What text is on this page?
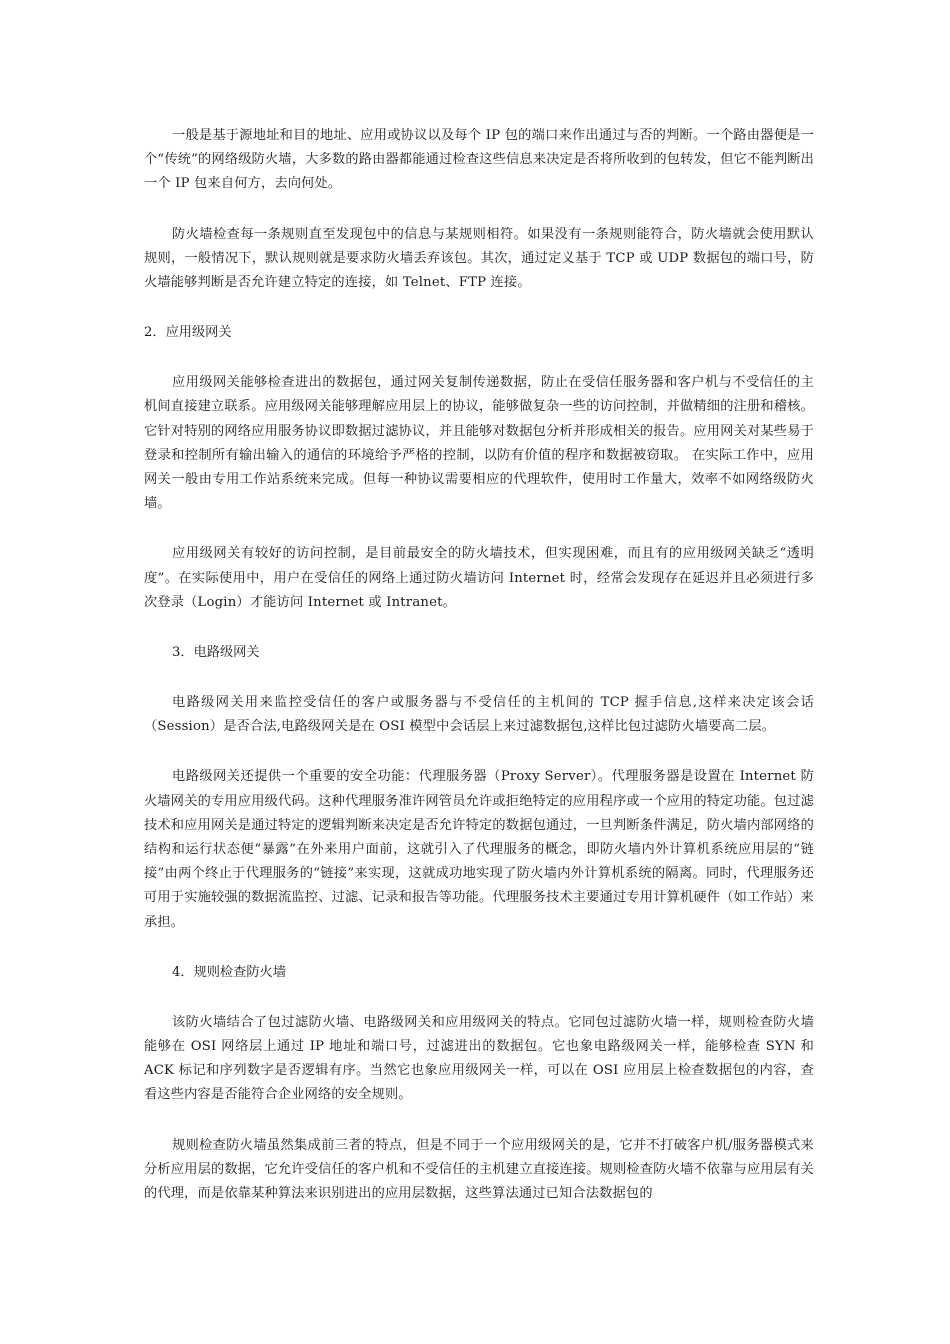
一般是基于源地址和目的地址、应用或协议以及每个 IP 包的端口来作出通过与否的判断。一个路由器便是一个“传统”的网络级防火墙，大多数的路由器都能通过检查这些信息来决定是否将所收到的包转发，但它不能判断出一个 IP 包来自何方，去向何处。

防火墙检查每一条规则直至发现包中的信息与某规则相符。如果没有一条规则能符合，防火墙就会使用默认规则，一般情况下，默认规则就是要求防火墙丢弃该包。其次，通过定义基于 TCP 或 UDP 数据包的端口号，防火墙能够判断是否允许建立特定的连接，如 Telnet、FTP 连接。

2．应用级网关

应用级网关能够检查进出的数据包，通过网关复制传递数据，防止在受信任服务器和客户机与不受信任的主机间直接建立联系。应用级网关能够理解应用层上的协议，能够做复杂一些的访问控制，并做精细的注册和稽核。它针对特别的网络应用服务协议即数据过滤协议，并且能够对数据包分析并形成相关的报告。应用网关对某些易于登录和控制所有输出输入的通信的环境给予严格的控制，以防有价值的程序和数据被窃取。 在实际工作中，应用网关一般由专用工作站系统来完成。但每一种协议需要相应的代理软件，使用时工作量大，效率不如网络级防火墙。

应用级网关有较好的访问控制，是目前最安全的防火墙技术，但实现困难，而且有的应用级网关缺乏“透明度”。在实际使用中，用户在受信任的网络上通过防火墙访问 Internet 时，经常会发现存在延迟并且必须进行多次登录（Login）才能访问 Internet 或 Intranet。

3．电路级网关

电路级网关用来监控受信任的客户或服务器与不受信任的主机间的 TCP 握手信息,这样来决定该会话（Session）是否合法,电路级网关是在 OSI 模型中会话层上来过滤数据包,这样比包过滤防火墙要高二层。

电路级网关还提供一个重要的安全功能：代理服务器（Proxy Server）。代理服务器是设置在 Internet 防火墙网关的专用应用级代码。这种代理服务准许网管员允许或拒绝特定的应用程序或一个应用的特定功能。包过滤技术和应用网关是通过特定的逻辑判断来决定是否允许特定的数据包通过，一旦判断条件满足，防火墙内部网络的结构和运行状态便“暴露”在外来用户面前，这就引入了代理服务的概念，即防火墙内外计算机系统应用层的“链接”由两个终止于代理服务的“链接”来实现，这就成功地实现了防火墙内外计算机系统的隔离。同时，代理服务还可用于实施较强的数据流监控、过滤、记录和报告等功能。代理服务技术主要通过专用计算机硬件（如工作站）来承担。

4．规则检查防火墙

该防火墙结合了包过滤防火墙、电路级网关和应用级网关的特点。它同包过滤防火墙一样，规则检查防火墙能够在 OSI 网络层上通过 IP 地址和端口号，过滤进出的数据包。它也象电路级网关一样，能够检查 SYN 和 ACK 标记和序列数字是否逻辑有序。当然它也象应用级网关一样，可以在 OSI 应用层上检查数据包的内容，查看这些内容是否能符合企业网络的安全规则。

规则检查防火墙虽然集成前三者的特点，但是不同于一个应用级网关的是，它并不打破客户机/服务器模式来分析应用层的数据，它允许受信任的客户机和不受信任的主机建立直接连接。规则检查防火墙不依靠与应用层有关的代理，而是依靠某种算法来识别进出的应用层数据，这些算法通过已知合法数据包的
